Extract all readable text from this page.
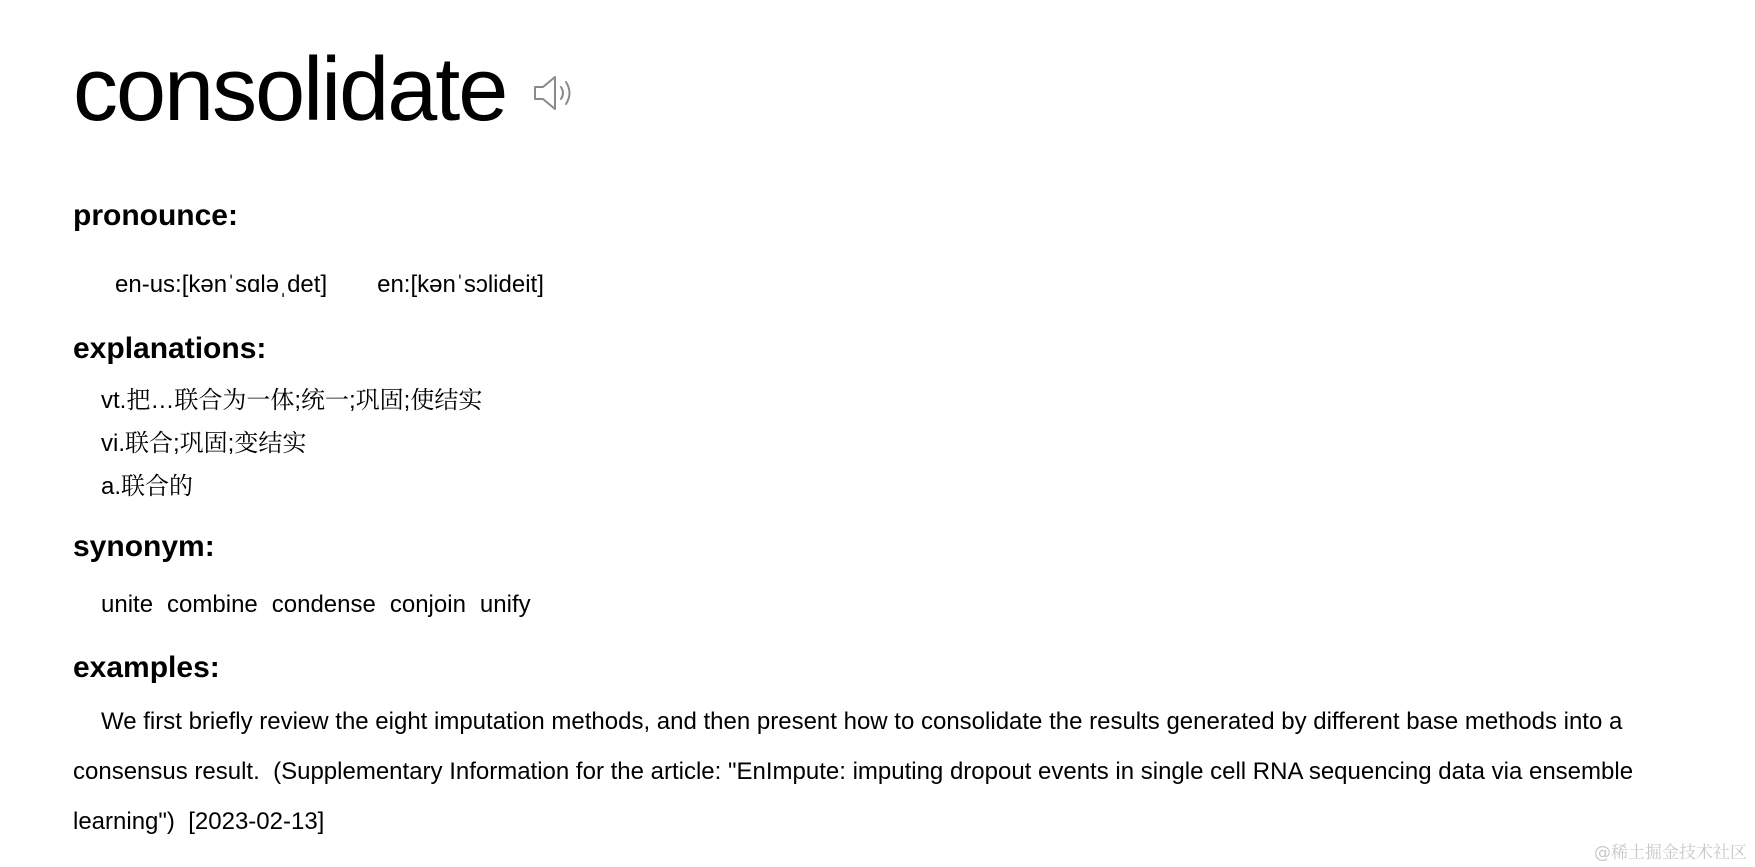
consolidate
pronounce:
en-us:[kənˈsɑləˌdet] en:[kənˈsɔlideit]
explanations:
vt.把…联合为一体;统一;巩固;使结实
vi.联合;巩固;变结实
a.联合的
synonym:
unite combine condense conjoin unify
examples:

We first briefly review the eight imputation methods, and then present how to consolidate the results generated by different base methods into a consensus result. (Supplementary Information for the article: "EnImpute: imputing dropout events in single cell RNA sequencing data via ensemble learning") [2023-02-13]

@稀土掘金技术社区
